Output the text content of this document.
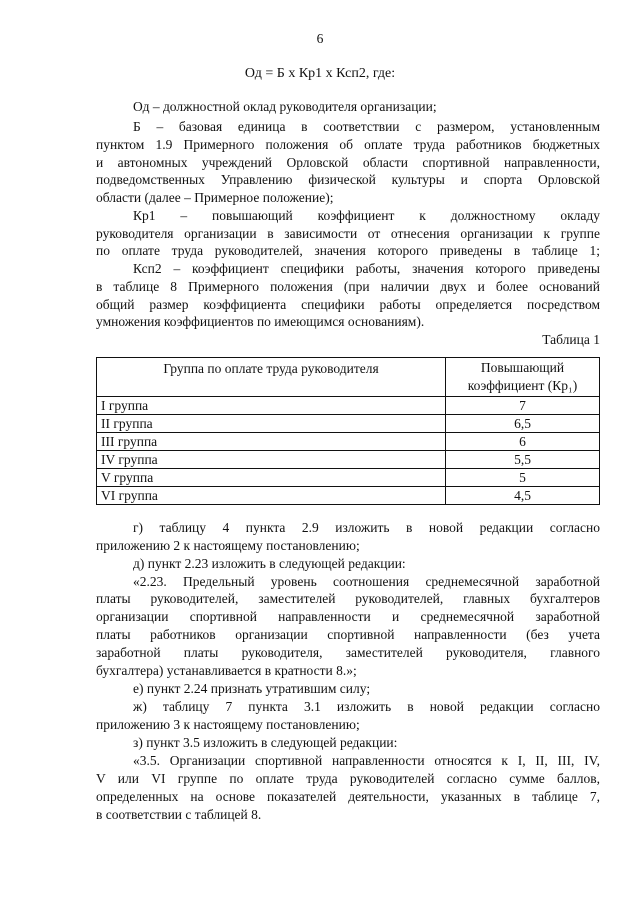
6
Од = Б х Кр1 х Ксп2, где:
Од – должностной оклад руководителя организации;
Б – базовая единица в соответствии с размером, установленным
пунктом 1.9 Примерного положения об оплате труда работников бюджетных
и автономных учреждений Орловской области спортивной направленности,
подведомственных Управлению физической культуры и спорта Орловской
области (далее – Примерное положение);
Кр1 – повышающий коэффициент к должностному окладу
руководителя организации в зависимости от отнесения организации к группе
по оплате труда руководителей, значения которого приведены в таблице 1;
Ксп2 – коэффициент специфики работы, значения которого приведены
в таблице 8 Примерного положения (при наличии двух и более оснований
общий размер коэффициента специфики работы определяется посредством
умножения коэффициентов по имеющимся основаниям).
Таблица 1
Группа по оплате труда руководителя	Повышающий
коэффициент (Кр₁)

I группа	7
II группа	6,5
III группа	6
IV группа	5,5
V группа	5
VI группа	4,5
г) таблицу 4 пункта 2.9 изложить в новой редакции согласно
приложению 2 к настоящему постановлению;
д) пункт 2.23 изложить в следующей редакции:
«2.23. Предельный уровень соотношения среднемесячной заработной
платы руководителей, заместителей руководителей, главных бухгалтеров
организации спортивной направленности и среднемесячной заработной
платы работников организации спортивной направленности (без учета
заработной платы руководителя, заместителей руководителя, главного
бухгалтера) устанавливается в кратности 8.»;
е) пункт 2.24 признать утратившим силу;
ж) таблицу 7 пункта 3.1 изложить в новой редакции согласно
приложению 3 к настоящему постановлению;
з) пункт 3.5 изложить в следующей редакции:
«3.5. Организации спортивной направленности относятся к I, II, III, IV,
V или VI группе по оплате труда руководителей согласно сумме баллов,
определенных на основе показателей деятельности, указанных в таблице 7,
в соответствии с таблицей 8.
